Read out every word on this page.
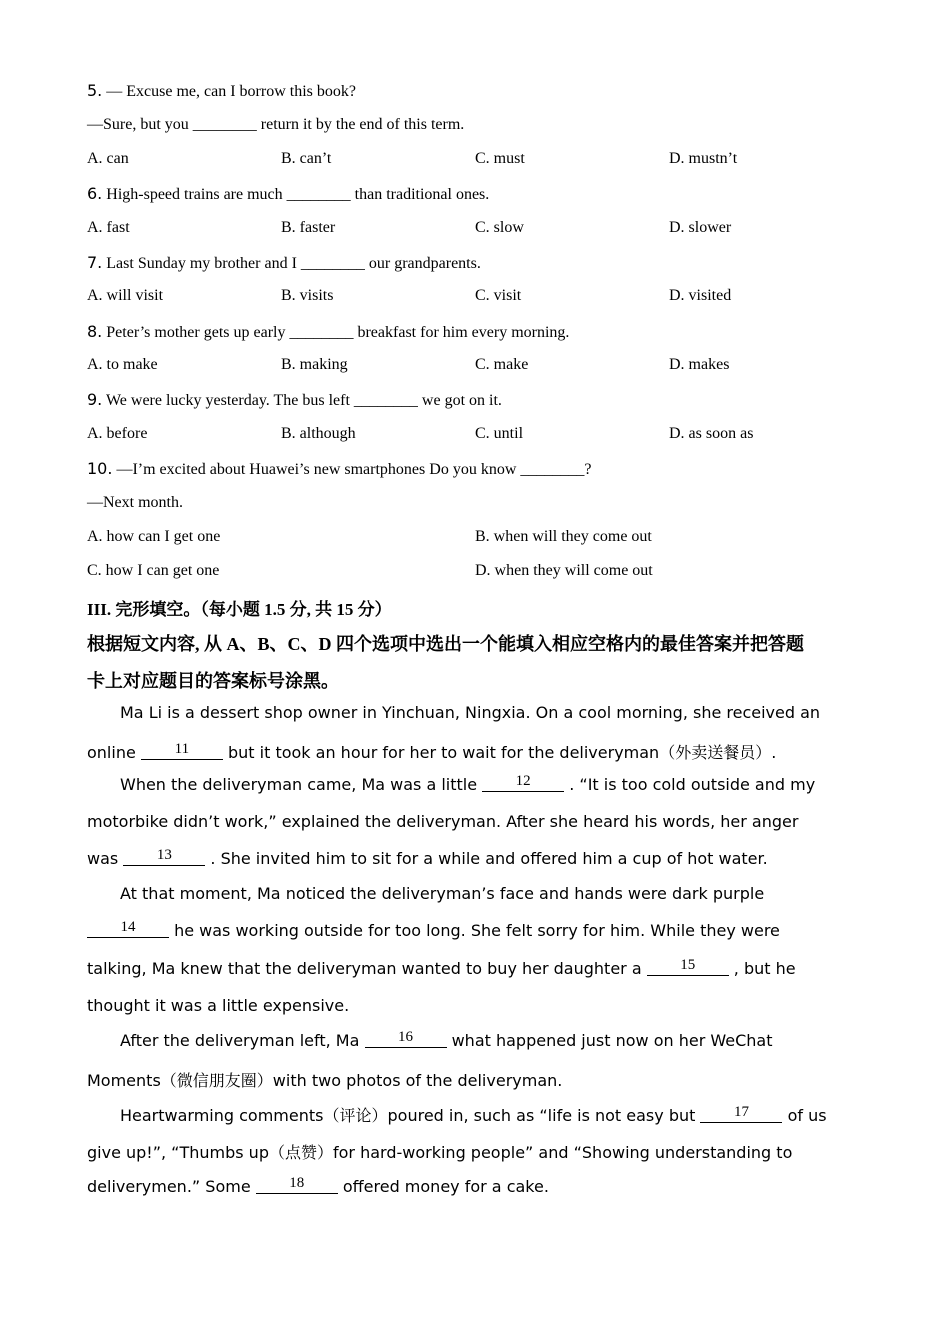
5. — Excuse me, can I borrow this book?
—Sure, but you ________ return it by the end of this term.
A. can	B. can’t	C. must	D. mustn’t
6. High-speed trains are much ________ than traditional ones.
A. fast	B. faster	C. slow	D. slower
7. Last Sunday my brother and I ________ our grandparents.
A. will visit	B. visits	C. visit	D. visited
8. Peter’s mother gets up early ________ breakfast for him every morning.
A. to make	B. making	C. make	D. makes
9. We were lucky yesterday. The bus left ________ we got on it.
A. before	B. although	C. until	D. as soon as
10. —I’m excited about Huawei’s new smartphones Do you know ________?
—Next month.
A. how can I get one	B. when will they come out
C. how I can get one	D. when they will come out
III. 完形填空。（每小题 1.5 分, 共 15 分）
根据短文内容, 从 A、B、C、D 四个选项中选出一个能填入相应空格内的最佳答案并把答题
卡上对应题目的答案标号涂黑。
Ma Li is a dessert shop owner in Yinchuan, Ningxia. On a cool morning, she received an
online	11	but it took an hour for her to wait for the deliveryman（外卖送餐员）.
When the deliveryman came, Ma was a little	12	. “It is too cold outside and my
motorbike didn’t work,” explained the deliveryman. After she heard his words, her anger
was	13	. She invited him to sit for a while and offered him a cup of hot water.
At that moment, Ma noticed the deliveryman’s face and hands were dark purple
14	he was working outside for too long. She felt sorry for him. While they were
talking, Ma knew that the deliveryman wanted to buy her daughter a	15	, but he
thought it was a little expensive.
After the deliveryman left, Ma	16	what happened just now on her WeChat
Moments（微信朋友圈）with two photos of the deliveryman.
Heartwarming comments（评论）poured in, such as “life is not easy but	17	of us
give up!”, “Thumbs up（点赞）for hard-working people” and “Showing understanding to
deliverymen.” Some	18	offered money for a cake.
